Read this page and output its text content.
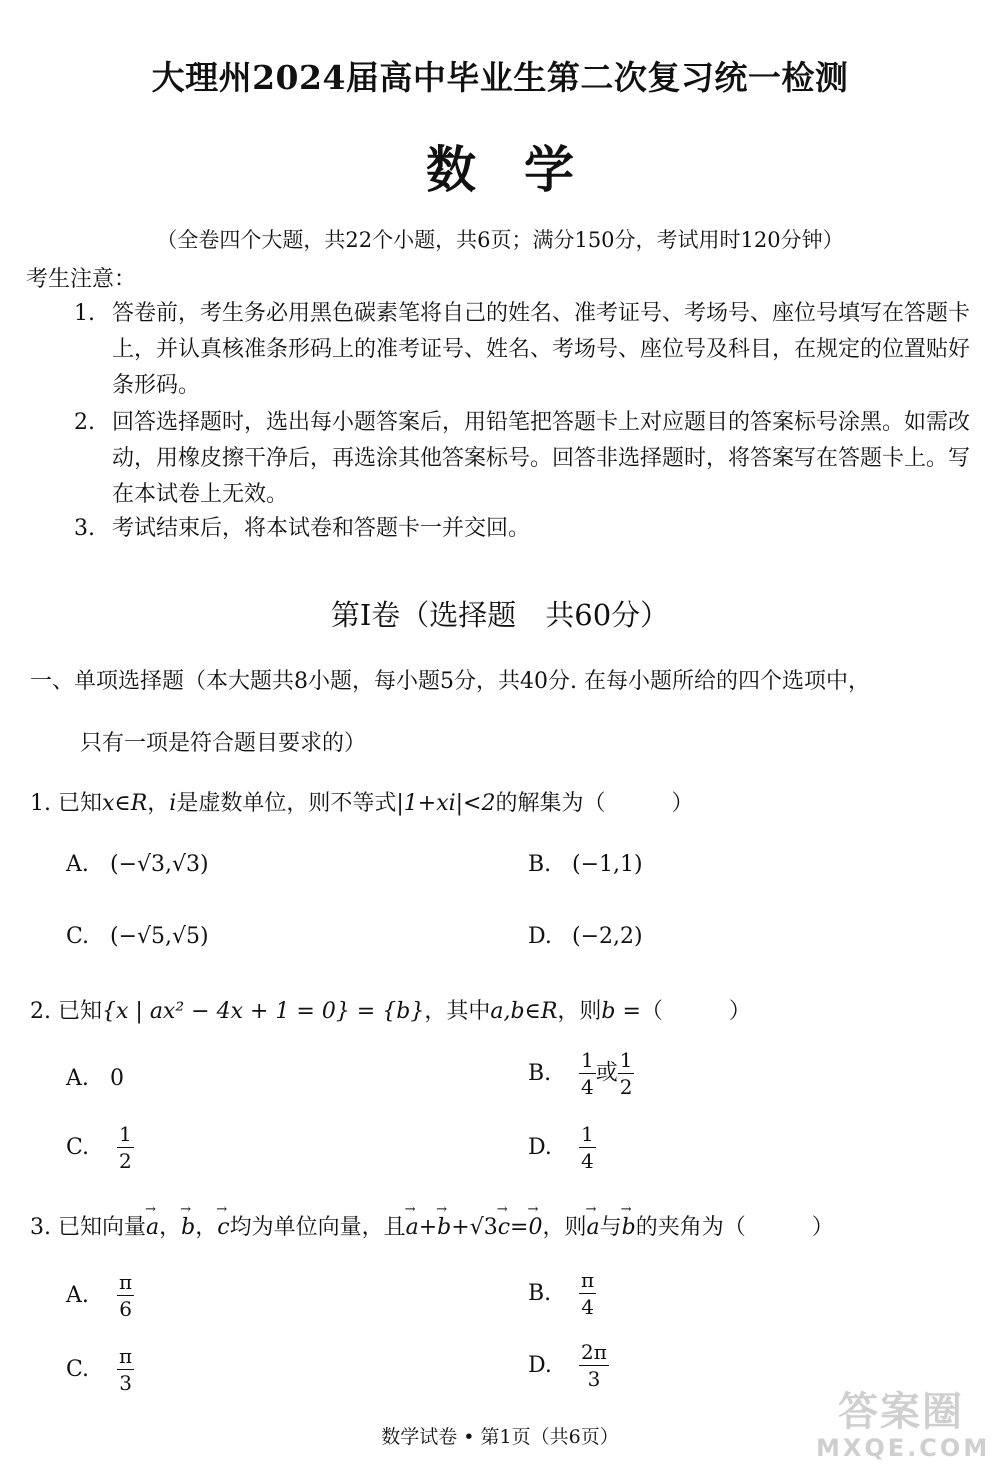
大理州2024届高中毕业生第二次复习统一检测
数学
（全卷四个大题，共22个小题，共6页；满分150分，考试用时120分钟）
考生注意：
1. 答卷前，考生务必用黑色碳素笔将自己的姓名、准考证号、考场号、座位号填写在答题卡上，并认真核准条形码上的准考证号、姓名、考场号、座位号及科目，在规定的位置贴好条形码。
2. 回答选择题时，选出每小题答案后，用铅笔把答题卡上对应题目的答案标号涂黑。如需改动，用橡皮擦干净后，再选涂其他答案标号。回答非选择题时，将答案写在答题卡上。写在本试卷上无效。
3. 考试结束后，将本试卷和答题卡一并交回。
第Ⅰ卷（选择题　共60分）
一、单项选择题（本大题共8小题，每小题5分，共40分. 在每小题所给的四个选项中，
只有一项是符合题目要求的）
1. 已知x∈R，i是虚数单位，则不等式|1+xi|<2的解集为（　　　）
A. (−√3,√3)	B. (−1,1)
C. (−√5,√5)	D. (−2,2)
2. 已知{x | ax² − 4x + 1 = 0} = {b}，其中a,b∈R，则b =（　　　）
A. 0	B. $\frac{1}{4}$ 或 $\frac{1}{2}$
C. $\frac{1}{2}$	D. $\frac{1}{4}$
3. 已知向量→ a，→ b，→ c均为单位向量，且→ a+→ b+√3→ c=→ 0，则→ a与→ b的夹角为（　　　）
A. $\frac{\pi}{6}$	B. $\frac{\pi}{4}$
C. $\frac{\pi}{3}$	D. $\frac{2\pi}{3}$
数学试卷 • 第1页（共6页）
答案圈
MXQE.COM
